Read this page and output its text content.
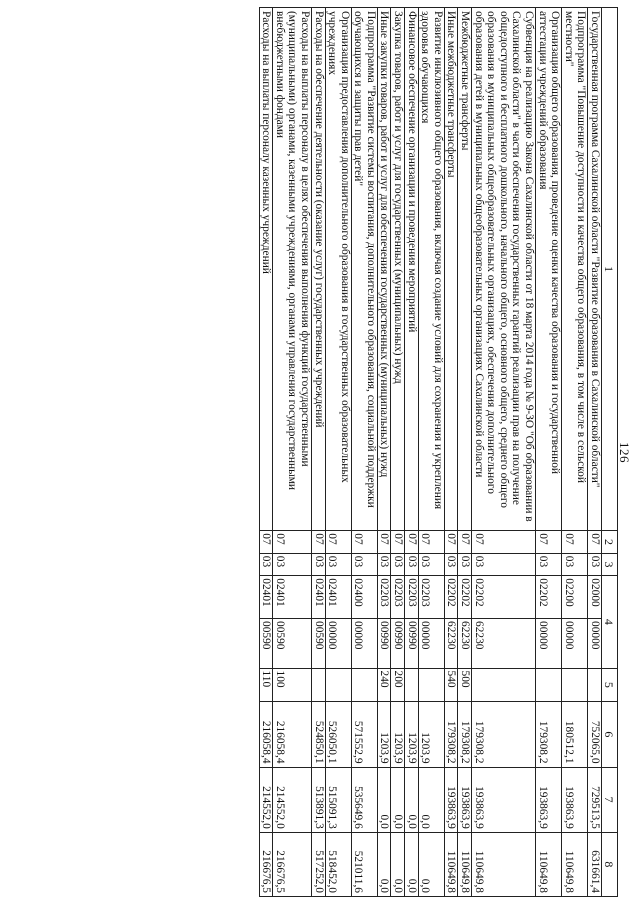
126
1	2	3	4		5	6	7	8
Государственная программа Сахалинской области "Развитие образования в Сахалинской области"	07	03	02000	00000		752065,0	729513,5	631661,4
Подпрограмма "Повышение доступности и качества общего образования, в том числе в сельской местности"	07	03	02200	00000		180512,1	193863,9	110649,8
Организация общего образования, проведение оценки качества образования и государственной аттестации учреждений образования	07	03	02202	00000		179308,2	193863,9	110649,8
Субвенция на реализацию Закона Сахалинской области от 18 марта 2014 года № 9-ЗО "Об образовании в Сахалинской области" в части обеспечения государственных гарантий реализации прав на получение общедоступного и бесплатного дошкольного, начального общего, основного общего, среднего общего образования в муниципальных общеобразовательных организациях, обеспечения дополнительного образования детей в муниципальных общеобразовательных организациях Сахалинской области	07	03	02202	62230		179308,2	193863,9	110649,8
Межбюджетные трансферты	07	03	02202	62230	500	179308,2	193863,9	110649,8
Иные межбюджетные трансферты	07	03	02202	62230	540	179308,2	193863,9	110649,8
Развитие инклюзивного общего образования, включая создание условий для сохранения и укрепления здоровья обучающихся	07	03	02203	00000		1203,9	0,0	0,0
Финансовое обеспечение организации и проведения мероприятий	07	03	02203	00990		1203,9	0,0	0,0
Закупка товаров, работ и услуг для государственных (муниципальных) нужд	07	03	02203	00990	200	1203,9	0,0	0,0
Иные закупки товаров, работ и услуг для обеспечения государственных (муниципальных) нужд	07	03	02203	00990	240	1203,9	0,0	0,0
Подпрограмма "Развитие системы воспитания, дополнительного образования, социальной поддержки обучающихся и защиты прав детей"	07	03	02400	00000		571552,9	535649,6	521011,6
Организация предоставления дополнительного образования в государственных образовательных учреждениях	07	03	02401	00000		526050,1	515091,3	518452,0
Расходы на обеспечение деятельности (оказание услуг) государственных учреждений	07	03	02401	00590		524850,1	513891,3	517252,0
Расходы на выплаты персоналу в целях обеспечения выполнения функций государственными (муниципальными) органами, казенными учреждениями, органами управления государственными внебюджетными фондами	07	03	02401	00590	100	216058,4	214552,0	216676,5
Расходы на выплаты персоналу казенных учреждений	07	03	02401	00590	110	216058,4	214552,0	216676,5
